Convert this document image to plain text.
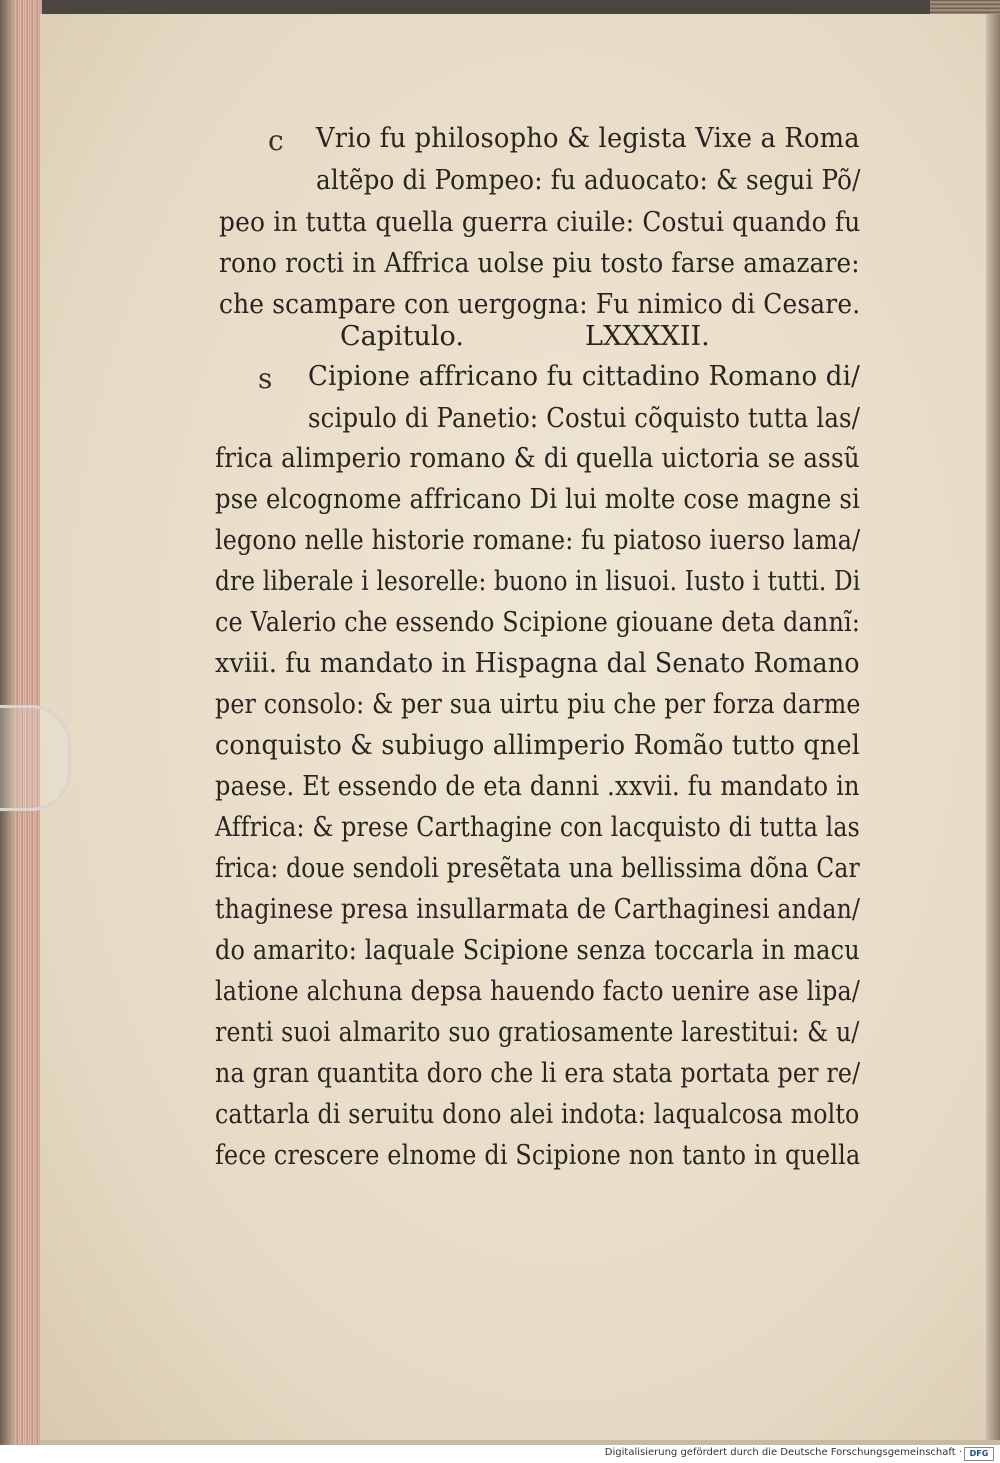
c Vrio fu philosopho & legista Vixe a Roma
altẽpo di Pompeo: fu aduocato: & segui Põ/
peo in tutta quella guerra ciuile: Costui quando fu
rono rocti in Affrica uolse piu tosto farse amazare:
che scampare con uergogna: Fu nimico di Cesare.
Capitulo.	LXXXXII.
s Cipione affricano fu cittadino Romano di/
scipulo di Panetio: Costui cõquisto tutta las/
frica alimperio romano & di quella uictoria se assũ
pse elcognome affricano Di lui molte cose magne si
legono nelle historie romane: fu piatoso iuerso lama/
dre liberale i lesorelle: buono in lisuoi. Iusto i tutti. Di
ce Valerio che essendo Scipione giouane deta dannĩ:
xviii. fu mandato in Hispagna dal Senato Romano
per consolo: & per sua uirtu piu che per forza darme
conquisto & subiugo allimperio Romão tutto qnel
paese. Et essendo de eta danni .xxvii. fu mandato in
Affrica: & prese Carthagine con lacquisto di tutta las
frica: doue sendoli presẽtata una bellissima dõna Car
thaginese presa insullarmata de Carthaginesi andan/
do amarito: laquale Scipione senza toccarla in macu
latione alchuna depsa hauendo facto uenire ase lipa/
renti suoi almarito suo gratiosamente larestitui: & u/
na gran quantita doro che li era stata portata per re/
cattarla di seruitu dono alei indota: laqualcosa molto
fece crescere elnome di Scipione non tanto in quella
Digitalisierung gefördert durch die Deutsche Forschungsgemeinschaft · DFG
